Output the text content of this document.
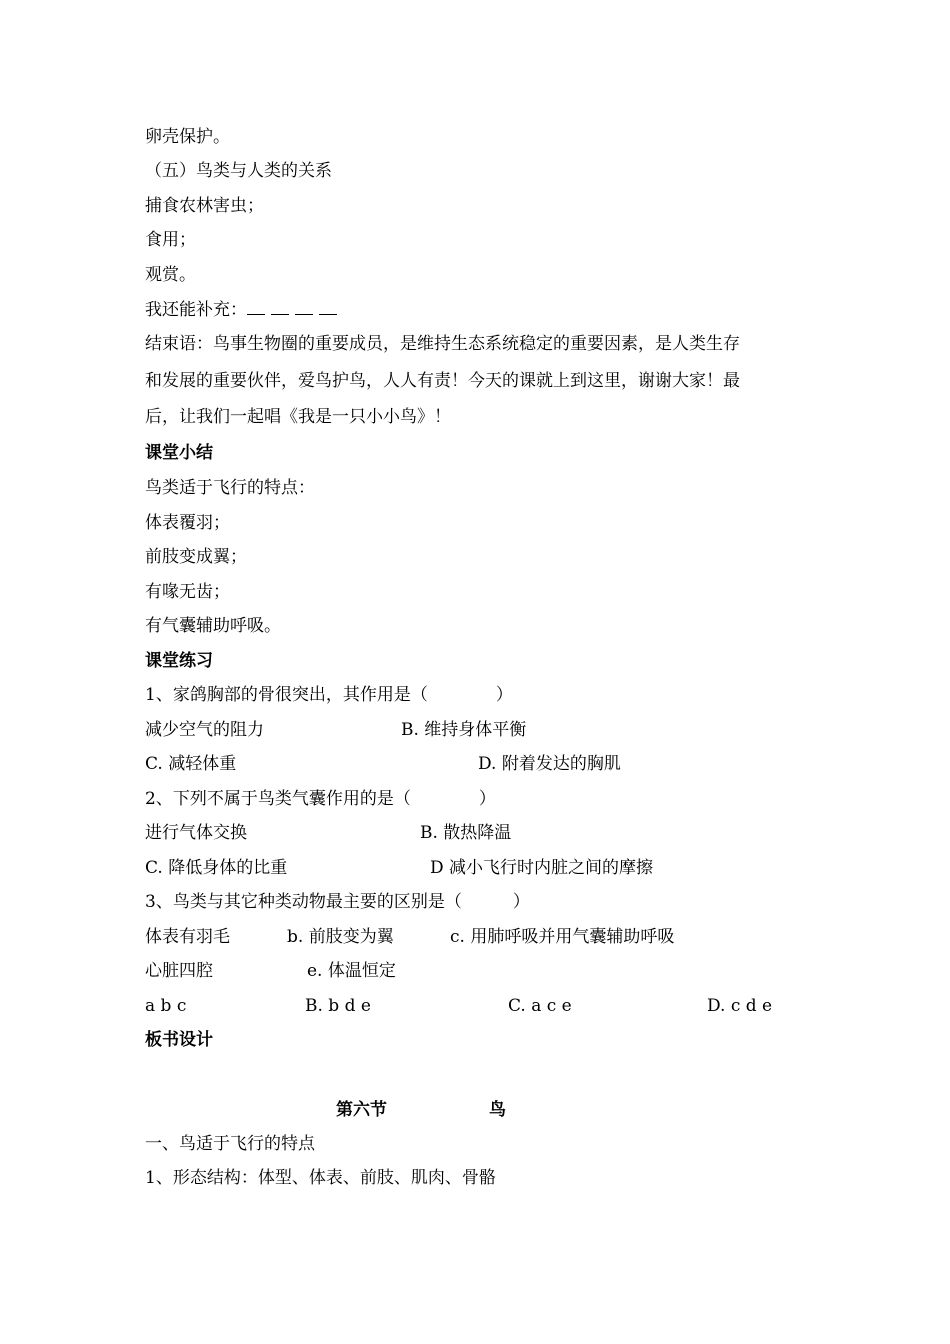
卵壳保护。
（五）鸟类与人类的关系
捕食农林害虫；
食用；
观赏。
我还能补充：
结束语：鸟事生物圈的重要成员，是维持生态系统稳定的重要因素，是人类生存
和发展的重要伙伴，爱鸟护鸟，人人有责！今天的课就上到这里，谢谢大家！最
后，让我们一起唱《我是一只小小鸟》！
课堂小结
鸟类适于飞行的特点：
体表覆羽；
前肢变成翼；
有喙无齿；
有气囊辅助呼吸。
课堂练习
1、家鸽胸部的骨很突出，其作用是（　　　　）
减少空气的阻力	B. 维持身体平衡
C. 减轻体重	D. 附着发达的胸肌
2、下列不属于鸟类气囊作用的是（　　　　）
进行气体交换	B. 散热降温
C. 降低身体的比重	D 减小飞行时内脏之间的摩擦
3、鸟类与其它种类动物最主要的区别是（　　　）
体表有羽毛	b. 前肢变为翼	c. 用肺呼吸并用气囊辅助呼吸
心脏四腔	e. 体温恒定
a b c	B. b d e	C. a c e	D. c d e
板书设计
第六节	鸟
一、鸟适于飞行的特点
1、形态结构：体型、体表、前肢、肌肉、骨骼
